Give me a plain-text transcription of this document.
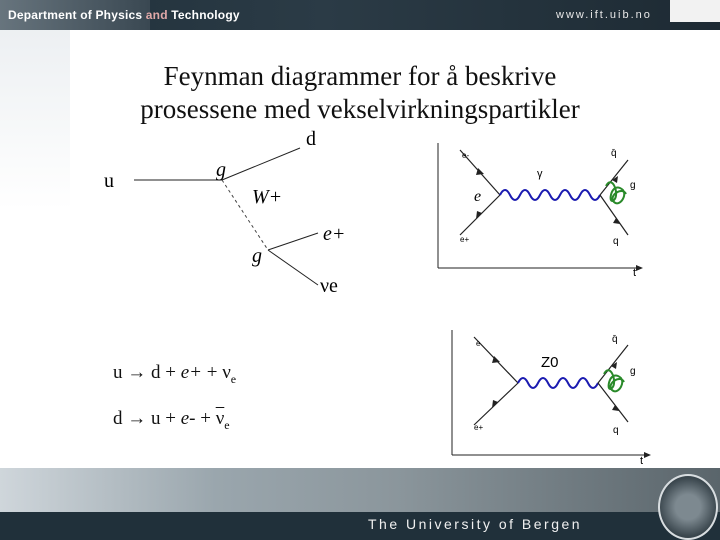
Department of Physics and Technology	www.ift.uib.no
Feynman diagrammer for å beskrive
prosessene med vekselvirkningspartikler
u
d
g
W+
g
e+
νe
e-
e+
γ
e
q̄
g
q
t
e
e+
Z0
q̄
g
q
t
$u \to d + e+ + \nu_e$
$d \to u + e- + \overline{\nu}_e$
The University of Bergen
